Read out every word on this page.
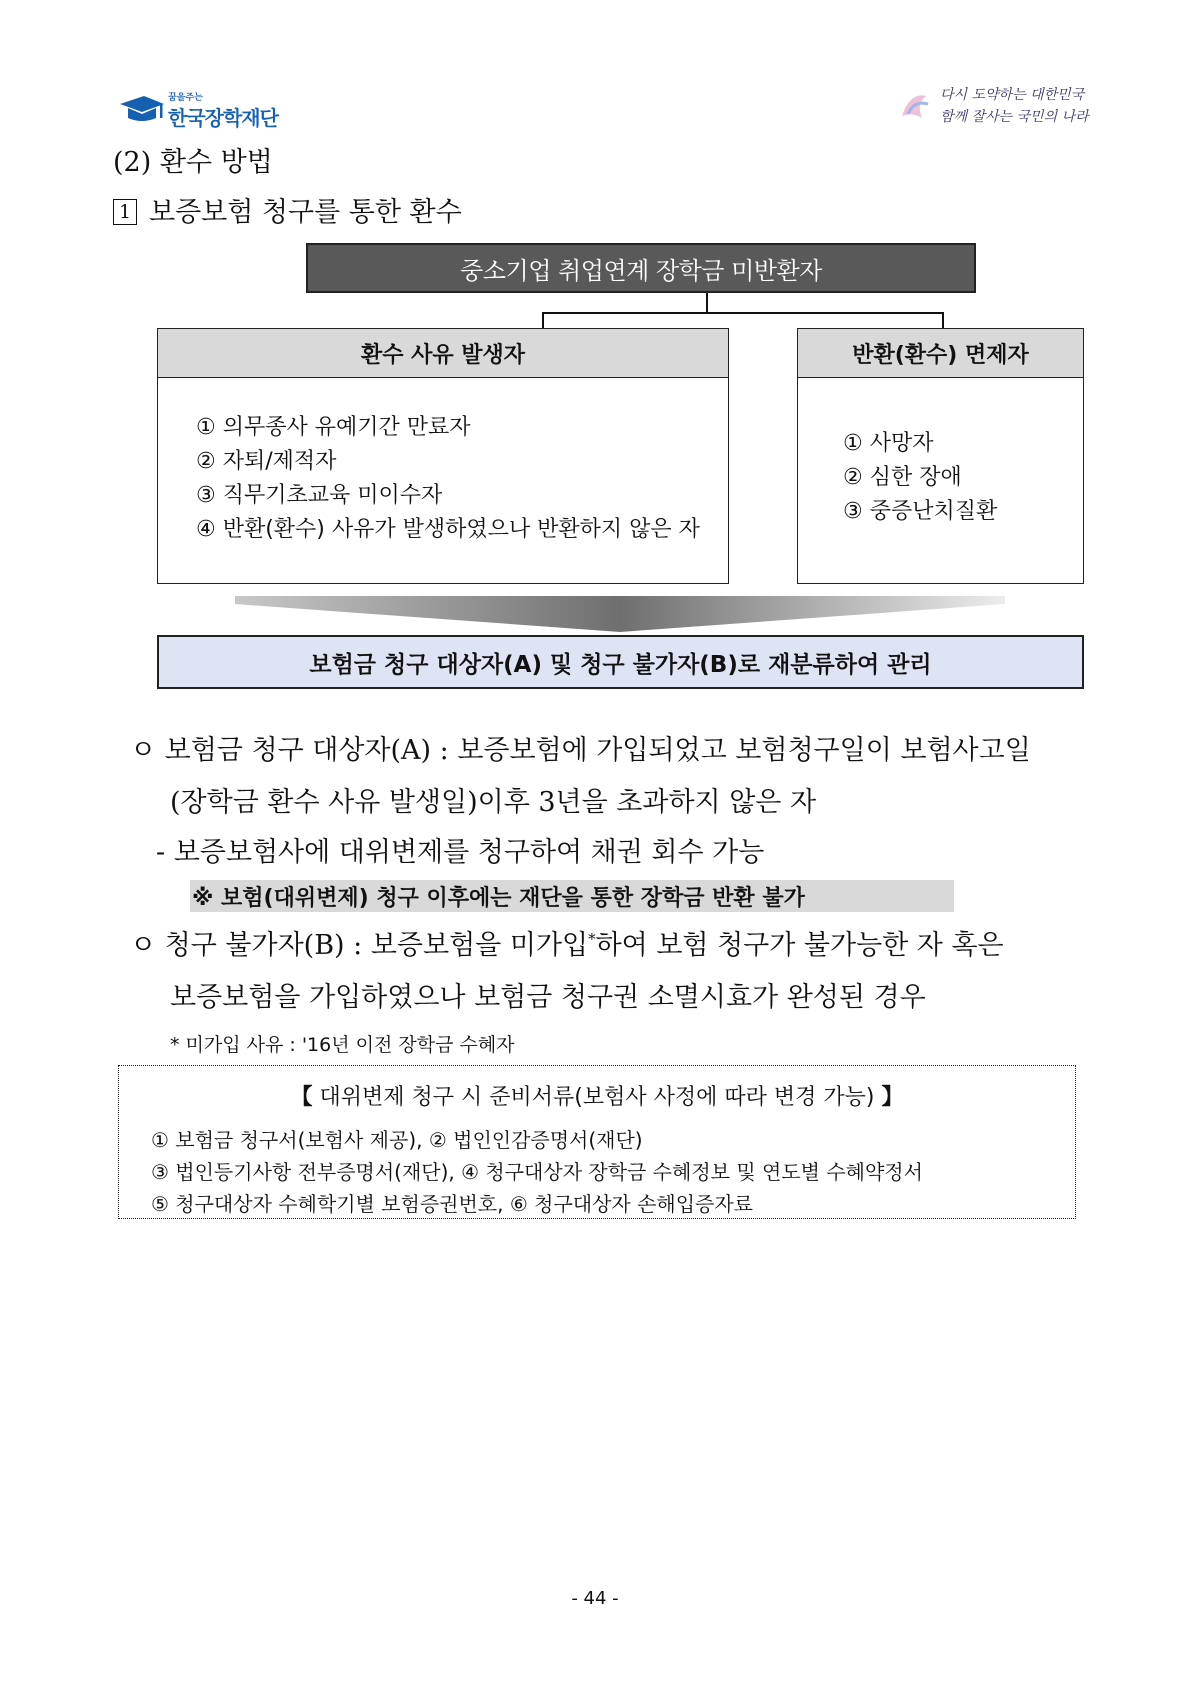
꿈을주는
한국장학재단
다시 도약하는 대한민국
함께 잘사는 국민의 나라
(2) 환수 방법
1 보증보험 청구를 통한 환수
중소기업 취업연계 장학금 미반환자
환수 사유 발생자
① 의무종사 유예기간 만료자
② 자퇴/제적자
③ 직무기초교육 미이수자
④ 반환(환수) 사유가 발생하였으나 반환하지 않은 자
반환(환수) 면제자
① 사망자
② 심한 장애
③ 중증난치질환
보험금 청구 대상자(A) 및 청구 불가자(B)로 재분류하여 관리
ㅇ 보험금 청구 대상자(A) : 보증보험에 가입되었고 보험청구일이 보험사고일
(장학금 환수 사유 발생일)이후 3년을 초과하지 않은 자
- 보증보험사에 대위변제를 청구하여 채권 회수 가능
※ 보험(대위변제) 청구 이후에는 재단을 통한 장학금 반환 불가
ㅇ 청구 불가자(B) : 보증보험을 미가입*하여 보험 청구가 불가능한 자 혹은
보증보험을 가입하였으나 보험금 청구권 소멸시효가 완성된 경우
* 미가입 사유 : '16년 이전 장학금 수혜자
【 대위변제 청구 시 준비서류(보험사 사정에 따라 변경 가능) 】
① 보험금 청구서(보험사 제공), ② 법인인감증명서(재단)
③ 법인등기사항 전부증명서(재단), ④ 청구대상자 장학금 수혜정보 및 연도별 수혜약정서
⑤ 청구대상자 수혜학기별 보험증권번호, ⑥ 청구대상자 손해입증자료
- 44 -
